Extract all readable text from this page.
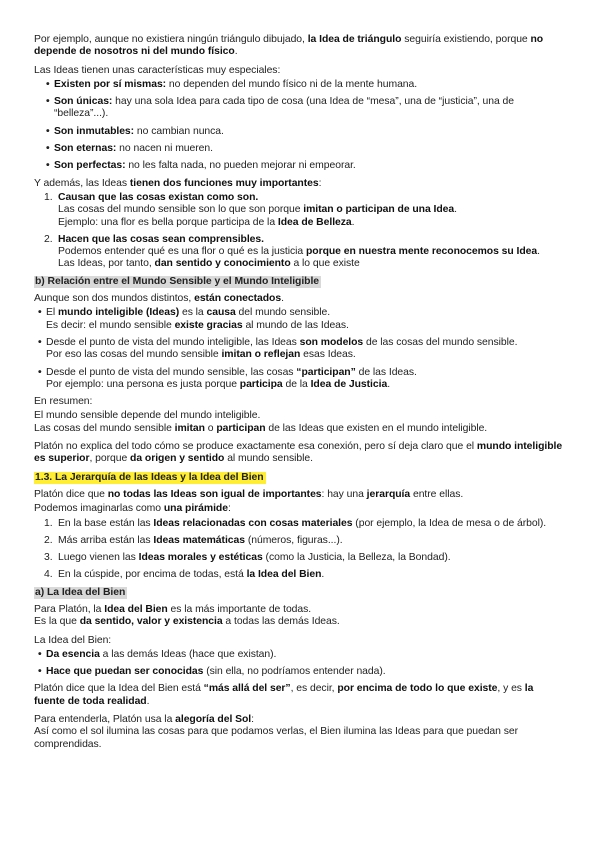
Por ejemplo, aunque no existiera ningún triángulo dibujado, la Idea de triángulo seguiría existiendo, porque no depende de nosotros ni del mundo físico.

Las Ideas tienen unas características muy especiales:

• Existen por sí mismas: no dependen del mundo físico ni de la mente humana.
• Son únicas: hay una sola Idea para cada tipo de cosa (una Idea de “mesa”, una de “justicia”, una de “belleza”...).
• Son inmutables: no cambian nunca.
• Son eternas: no nacen ni mueren.
• Son perfectas: no les falta nada, no pueden mejorar ni empeorar.

Y además, las Ideas tienen dos funciones muy importantes:

1. Causan que las cosas existan como son.
Las cosas del mundo sensible son lo que son porque imitan o participan de una Idea.
Ejemplo: una flor es bella porque participa de la Idea de Belleza.
2. Hacen que las cosas sean comprensibles.
Podemos entender qué es una flor o qué es la justicia porque en nuestra mente reconocemos su Idea.
Las Ideas, por tanto, dan sentido y conocimiento a lo que existe
b) Relación entre el Mundo Sensible y el Mundo Inteligible

Aunque son dos mundos distintos, están conectados.

• El mundo inteligible (Ideas) es la causa del mundo sensible.
Es decir: el mundo sensible existe gracias al mundo de las Ideas.
• Desde el punto de vista del mundo inteligible, las Ideas son modelos de las cosas del mundo sensible.
Por eso las cosas del mundo sensible imitan o reflejan esas Ideas.
• Desde el punto de vista del mundo sensible, las cosas “participan” de las Ideas.
Por ejemplo: una persona es justa porque participa de la Idea de Justicia.

En resumen:

El mundo sensible depende del mundo inteligible.
Las cosas del mundo sensible imitan o participan de las Ideas que existen en el mundo inteligible.

Platón no explica del todo cómo se produce exactamente esa conexión, pero sí deja claro que el mundo inteligible es superior, porque da origen y sentido al mundo sensible.

1.3. La Jerarquía de las Ideas y la Idea del Bien

Platón dice que no todas las Ideas son igual de importantes: hay una jerarquía entre ellas.

Podemos imaginarlas como una pirámide:

1. En la base están las Ideas relacionadas con cosas materiales (por ejemplo, la Idea de mesa o de árbol).
2. Más arriba están las Ideas matemáticas (números, figuras...).
3. Luego vienen las Ideas morales y estéticas (como la Justicia, la Belleza, la Bondad).
4. En la cúspide, por encima de todas, está la Idea del Bien.
a) La Idea del Bien

Para Platón, la Idea del Bien es la más importante de todas.
Es la que da sentido, valor y existencia a todas las demás Ideas.

La Idea del Bien:

• Da esencia a las demás Ideas (hace que existan).
• Hace que puedan ser conocidas (sin ella, no podríamos entender nada).

Platón dice que la Idea del Bien está “más allá del ser”, es decir, por encima de todo lo que existe, y es la fuente de toda realidad.

Para entenderla, Platón usa la alegoría del Sol:
Así como el sol ilumina las cosas para que podamos verlas, el Bien ilumina las Ideas para que puedan ser comprendidas.
